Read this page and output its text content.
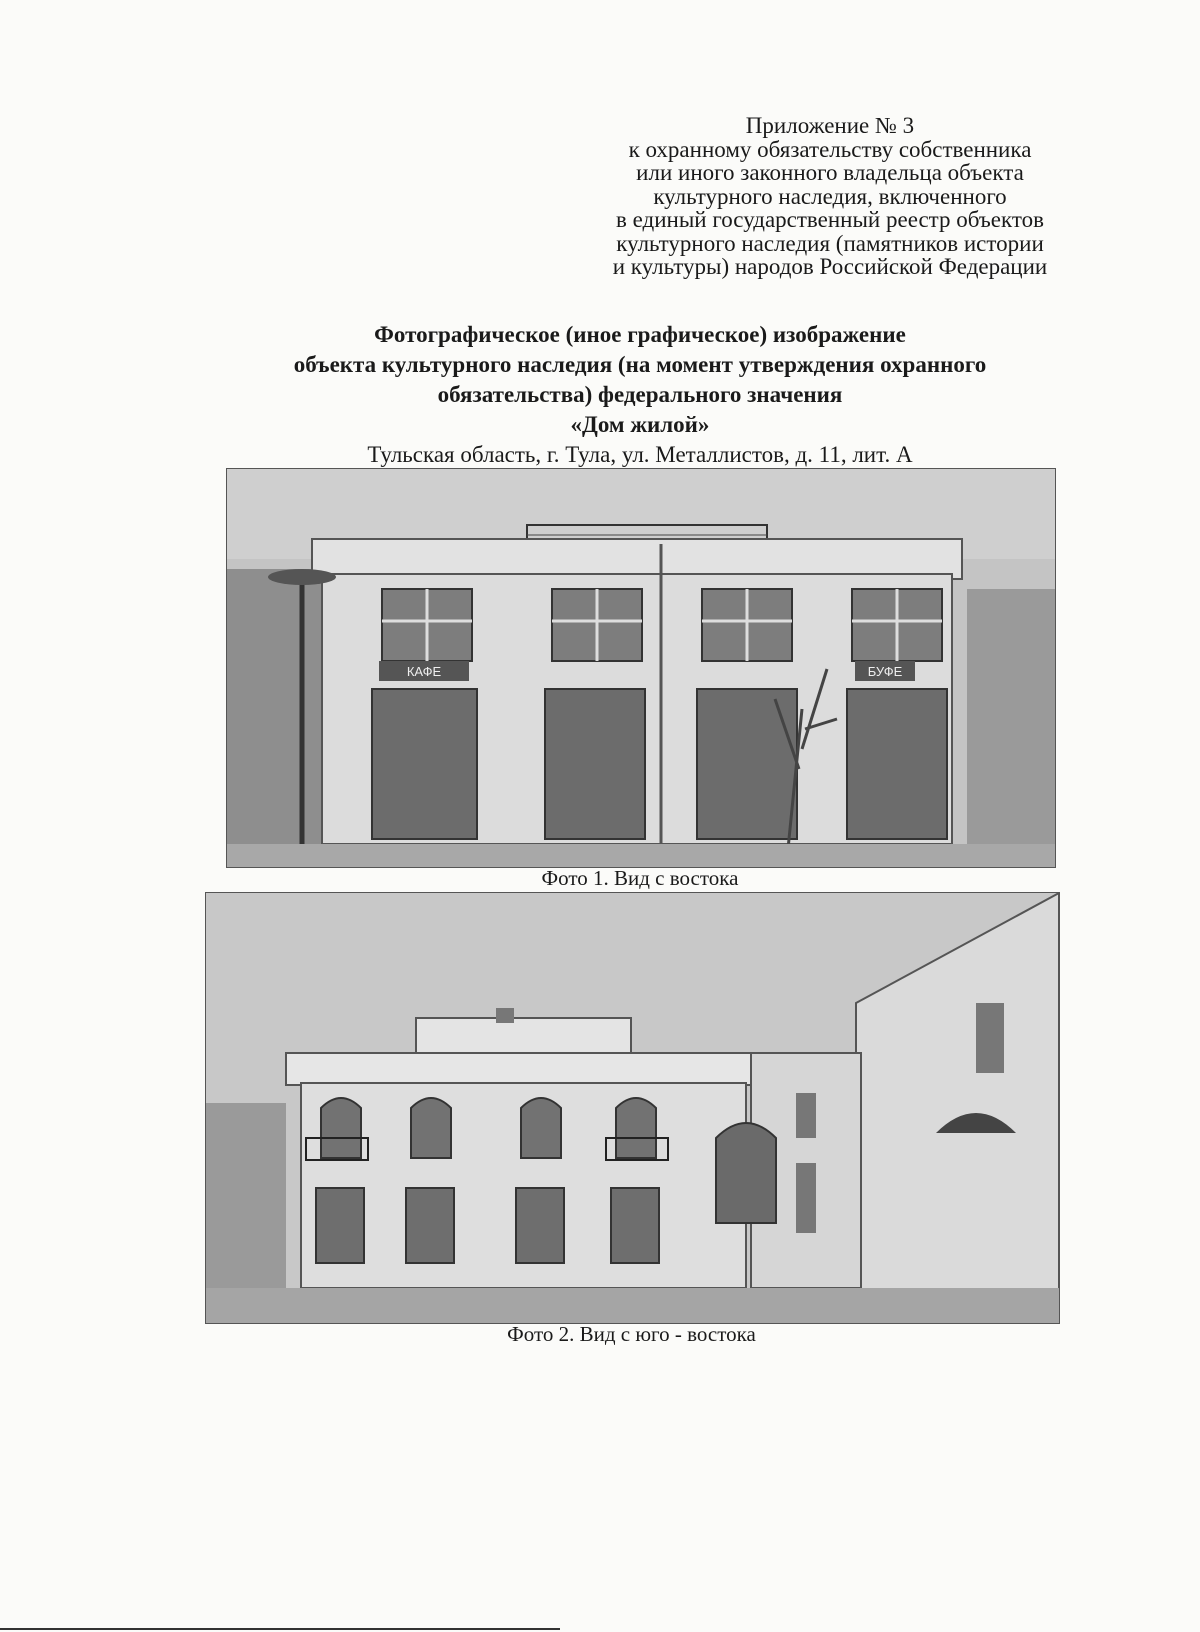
Приложение № 3
к охранному обязательству собственника
или иного законного владельца объекта
культурного наследия, включенного
в единый государственный реестр объектов
культурного наследия (памятников истории
и культуры) народов Российской Федерации
Фотографическое (иное графическое) изображение
объекта культурного наследия (на момент утверждения охранного
обязательства) федерального значения
«Дом жилой»
Тульская область, г. Тула, ул. Металлистов, д. 11, лит. А
КАФЕ	БУФЕ
Фото 1. Вид с востока
Фото 2. Вид с юго - востока
